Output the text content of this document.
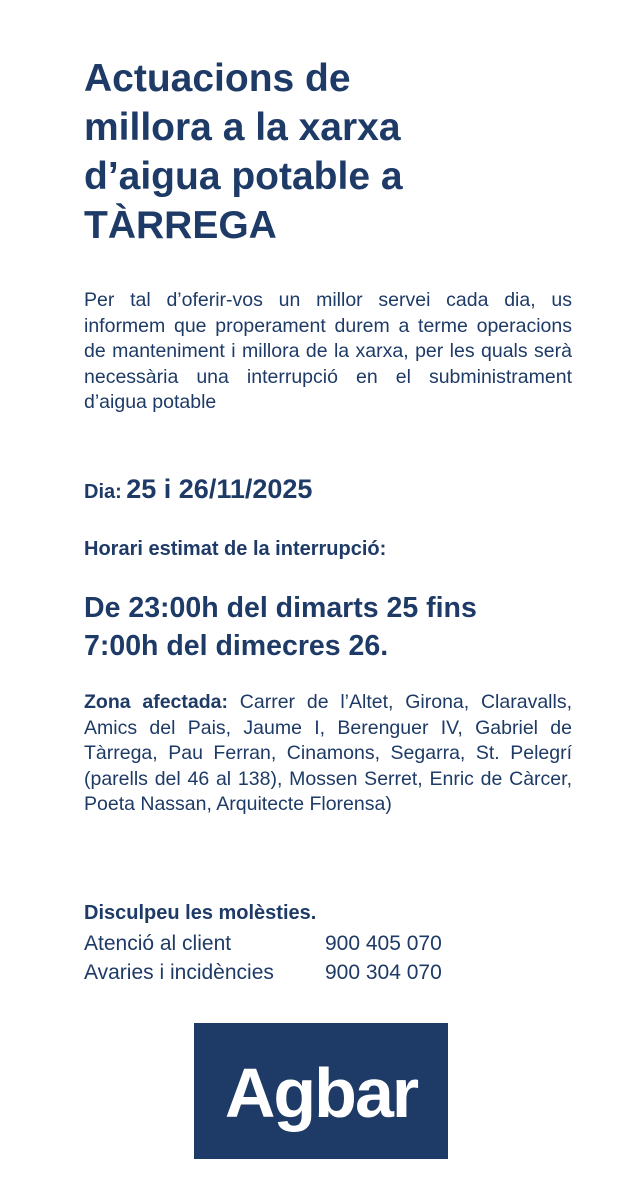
Actuacions de
millora a la xarxa
d’aigua potable a
TÀRREGA

Per tal d’oferir-vos un millor servei cada dia, us informem que properament durem a terme operacions de manteniment i millora de la xarxa, per les quals serà necessària una interrupció en el subministrament d’aigua potable

Dia: 25 i 26/11/2025

Horari estimat de la interrupció:

De 23:00h del dimarts 25 fins
7:00h del dimecres 26.

Zona afectada: Carrer de l’Altet, Girona, Claravalls, Amics del Pais, Jaume I, Berenguer IV, Gabriel de Tàrrega, Pau Ferran, Cinamons, Segarra, St. Pelegrí (parells del 46 al 138), Mossen Serret, Enric de Càrcer, Poeta Nassan, Arquitecte Florensa)

Disculpeu les molèsties.

Atenció al client	900 405 070
Avaries i incidències	900 304 070
Agbar
